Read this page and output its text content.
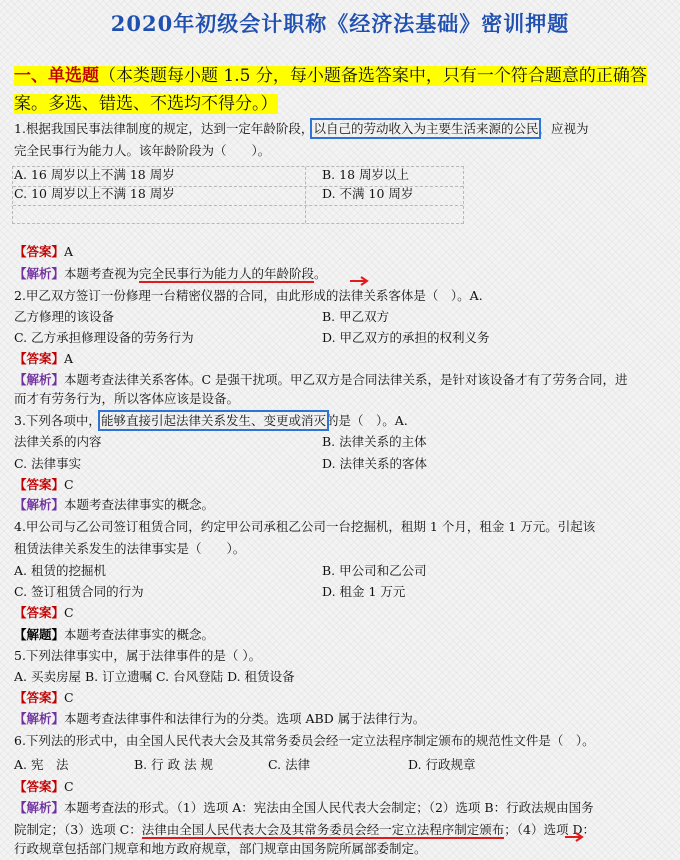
2020年初级会计职称《经济法基础》密训押题
一、单选题（本类题每小题 1.5 分，每小题备选答案中，只有一个符合题意的正确答案。多选、错选、不选均不得分。）
1.根据我国民事法律制度的规定，达到一定年龄阶段，以自己的劳动收入为主要生活来源的公民，应视为
完全民事行为能力人。该年龄阶段为（　　）。
A. 16 周岁以上不满 18 周岁	B. 18 周岁以上
C. 10 周岁以上不满 18 周岁	D. 不满 10 周岁
【答案】A
【解析】本题考查视为完全民事行为能力人的年龄阶段。
2.甲乙双方签订一份修理一台精密仪器的合同，由此形成的法律关系客体是（　）。A.
乙方修理的该设备	B. 甲乙双方
C. 乙方承担修理设备的劳务行为	D. 甲乙双方的承担的权利义务
【答案】A
【解析】本题考查法律关系客体。C 是强干扰项。甲乙双方是合同法律关系，是针对该设备才有了劳务合同，进
而才有劳务行为，所以客体应该是设备。
3.下列各项中，能够直接引起法律关系发生、变更或消灭的是（　）。A.
法律关系的内容	B. 法律关系的主体
C. 法律事实	D. 法律关系的客体
【答案】C
【解析】本题考查法律事实的概念。
4.甲公司与乙公司签订租赁合同，约定甲公司承租乙公司一台挖掘机，租期 1 个月，租金 1 万元。引起该
租赁法律关系发生的法律事实是（　　）。
A. 租赁的挖掘机	B. 甲公司和乙公司
C. 签订租赁合同的行为	D. 租金 1 万元
【答案】C
【解题】本题考查法律事实的概念。
5.下列法律事实中，属于法律事件的是（ ）。
A. 买卖房屋 B. 订立遗嘱 C. 台风登陆 D. 租赁设备
【答案】C
【解析】本题考查法律事件和法律行为的分类。选项 ABD 属于法律行为。
6.下列法的形式中，由全国人民代表大会及其常务委员会经一定立法程序制定颁布的规范性文件是（　）。
A. 宪　法	B. 行 政 法 规	C. 法律	D. 行政规章
【答案】C
【解析】本题考查法的形式。（1）选项 A：宪法由全国人民代表大会制定；（2）选项 B：行政法规由国务
院制定；（3）选项 C：法律由全国人民代表大会及其常务委员会经一定立法程序制定颁布；（4）选项 D：
行政规章包括部门规章和地方政府规章，部门规章由国务院所属部委制定。
